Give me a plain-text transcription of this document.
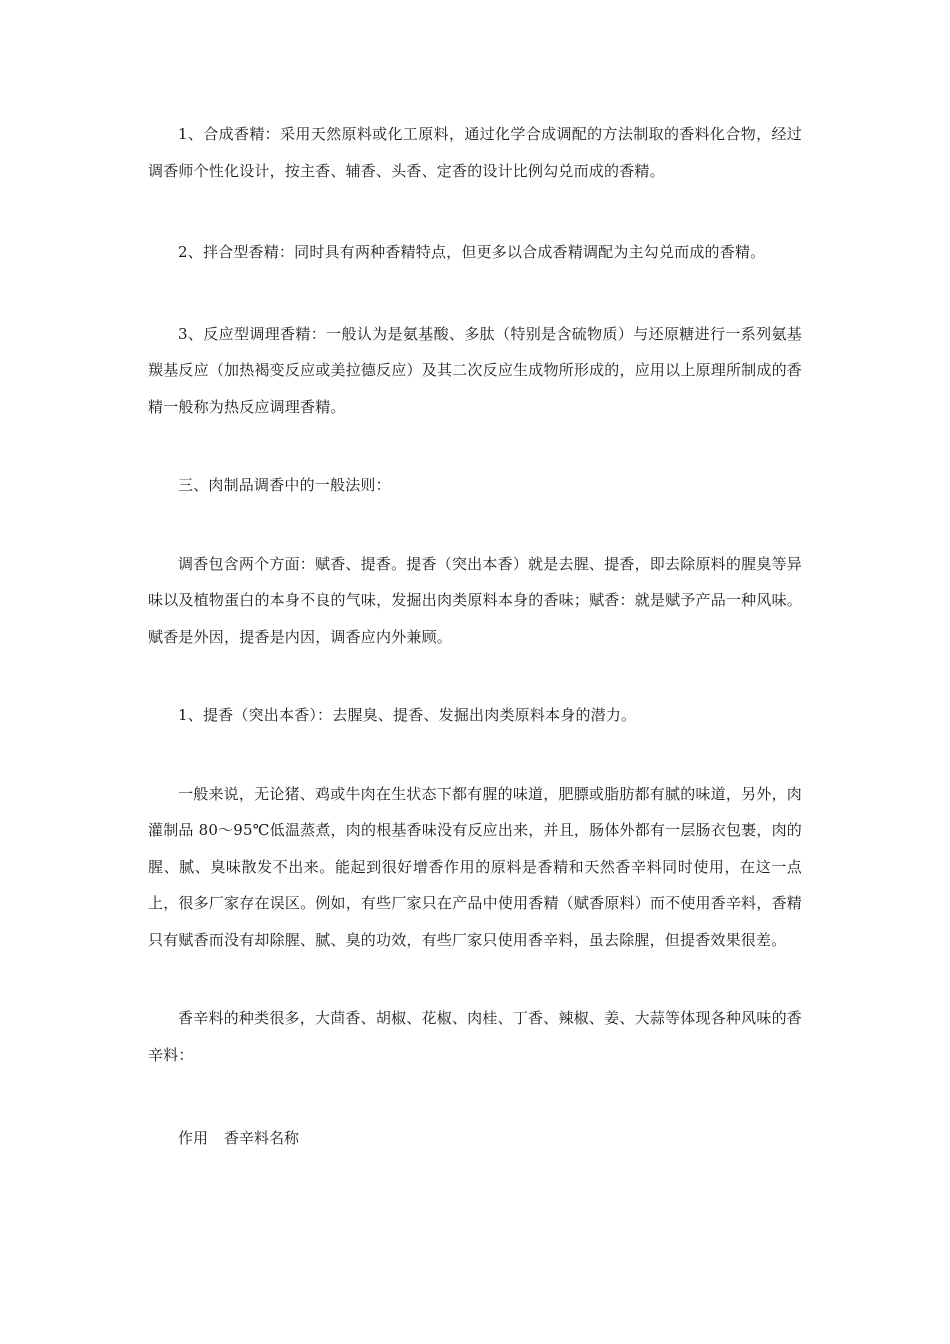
1、合成香精：采用天然原料或化工原料，通过化学合成调配的方法制取的香料化合物，经过调香师个性化设计，按主香、辅香、头香、定香的设计比例勾兑而成的香精。

2、拌合型香精：同时具有两种香精特点，但更多以合成香精调配为主勾兑而成的香精。

3、反应型调理香精：一般认为是氨基酸、多肽（特别是含硫物质）与还原糖进行一系列氨基羰基反应（加热褐变反应或美拉德反应）及其二次反应生成物所形成的，应用以上原理所制成的香精一般称为热反应调理香精。

三、肉制品调香中的一般法则：

调香包含两个方面：赋香、提香。提香（突出本香）就是去腥、提香，即去除原料的腥臭等异味以及植物蛋白的本身不良的气味，发掘出肉类原料本身的香味；赋香：就是赋予产品一种风味。赋香是外因，提香是内因，调香应内外兼顾。

1、提香（突出本香）：去腥臭、提香、发掘出肉类原料本身的潜力。

一般来说，无论猪、鸡或牛肉在生状态下都有腥的味道，肥膘或脂肪都有腻的味道，另外，肉灌制品 80～95℃低温蒸煮，肉的根基香味没有反应出来，并且，肠体外都有一层肠衣包裹，肉的腥、腻、臭味散发不出来。能起到很好增香作用的原料是香精和天然香辛料同时使用，在这一点上，很多厂家存在误区。例如，有些厂家只在产品中使用香精（赋香原料）而不使用香辛料，香精只有赋香而没有却除腥、腻、臭的功效，有些厂家只使用香辛料，虽去除腥，但提香效果很差。

香辛料的种类很多，大茴香、胡椒、花椒、肉桂、丁香、辣椒、姜、大蒜等体现各种风味的香辛料：

作用 香辛料名称
